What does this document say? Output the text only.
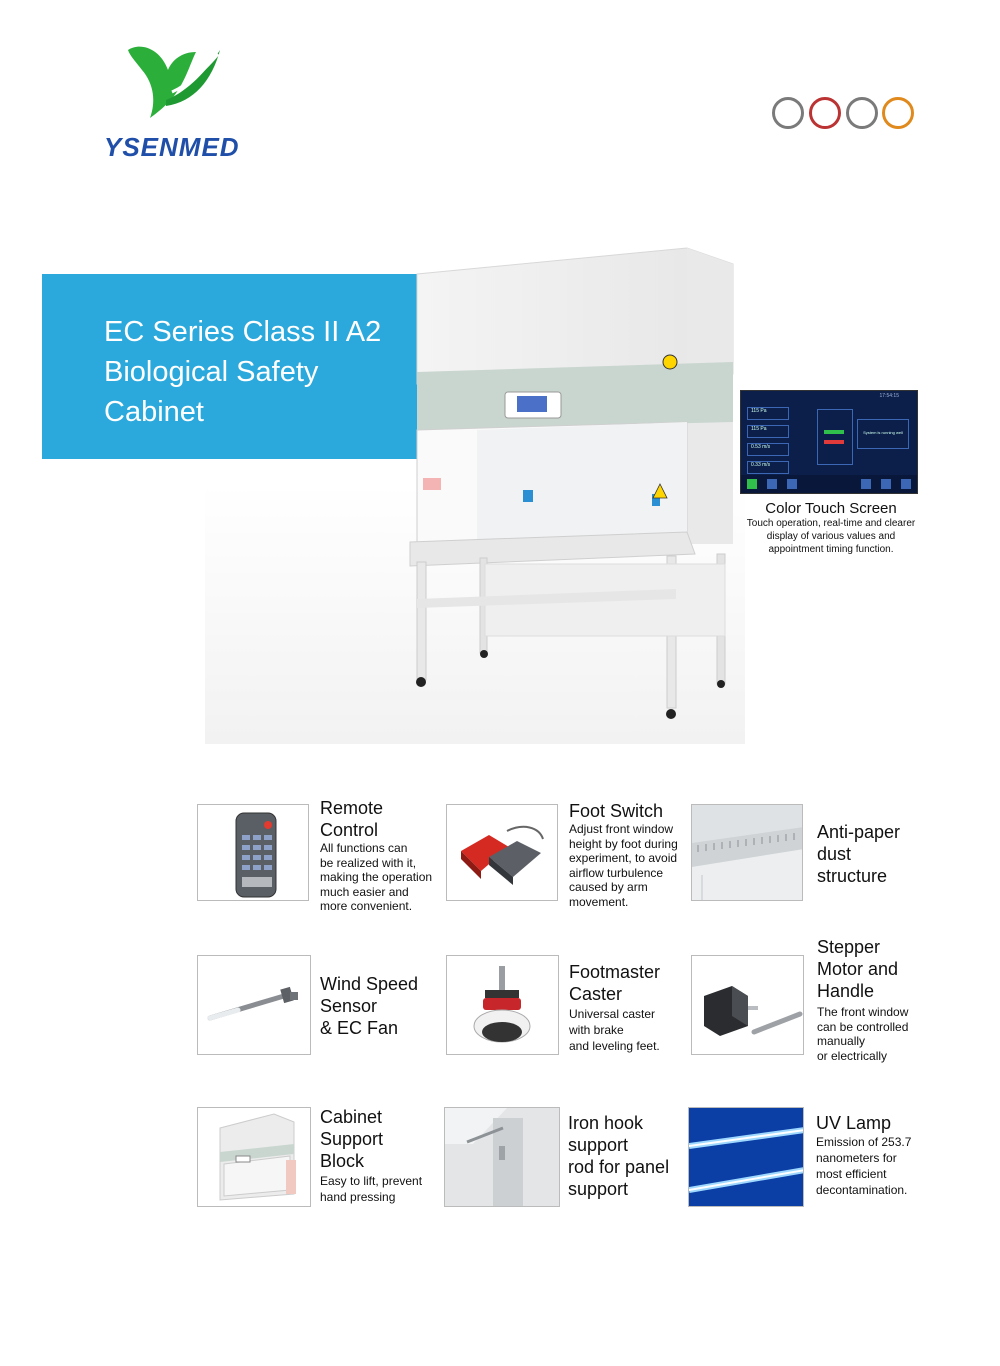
YSENMED
EC Series Class II A2
Biological Safety
Cabinet	17:54:15
115 Pa
115 Pa
0.53 m/s
0.33 m/s
System is running well
Color Touch Screen
Touch operation, real-time and clearer display of various values and appointment timing function.
Remote
Control
All functions can
be realized with it,
making the operation
much easier and
more convenient.
Foot Switch
Adjust front window
height by foot during
experiment, to avoid
airflow turbulence
caused by arm
movement.
Anti-paper
dust
structure
Wind Speed
Sensor
& EC Fan
Footmaster
Caster
Universal caster
with brake
and leveling feet.
Stepper
Motor and
Handle
The front window
can be controlled
manually
or electrically
Cabinet
Support
Block
Easy to lift, prevent
hand pressing
Iron hook
support
rod for panel
support
UV Lamp
Emission of 253.7
nanometers for
most efficient
decontamination.
